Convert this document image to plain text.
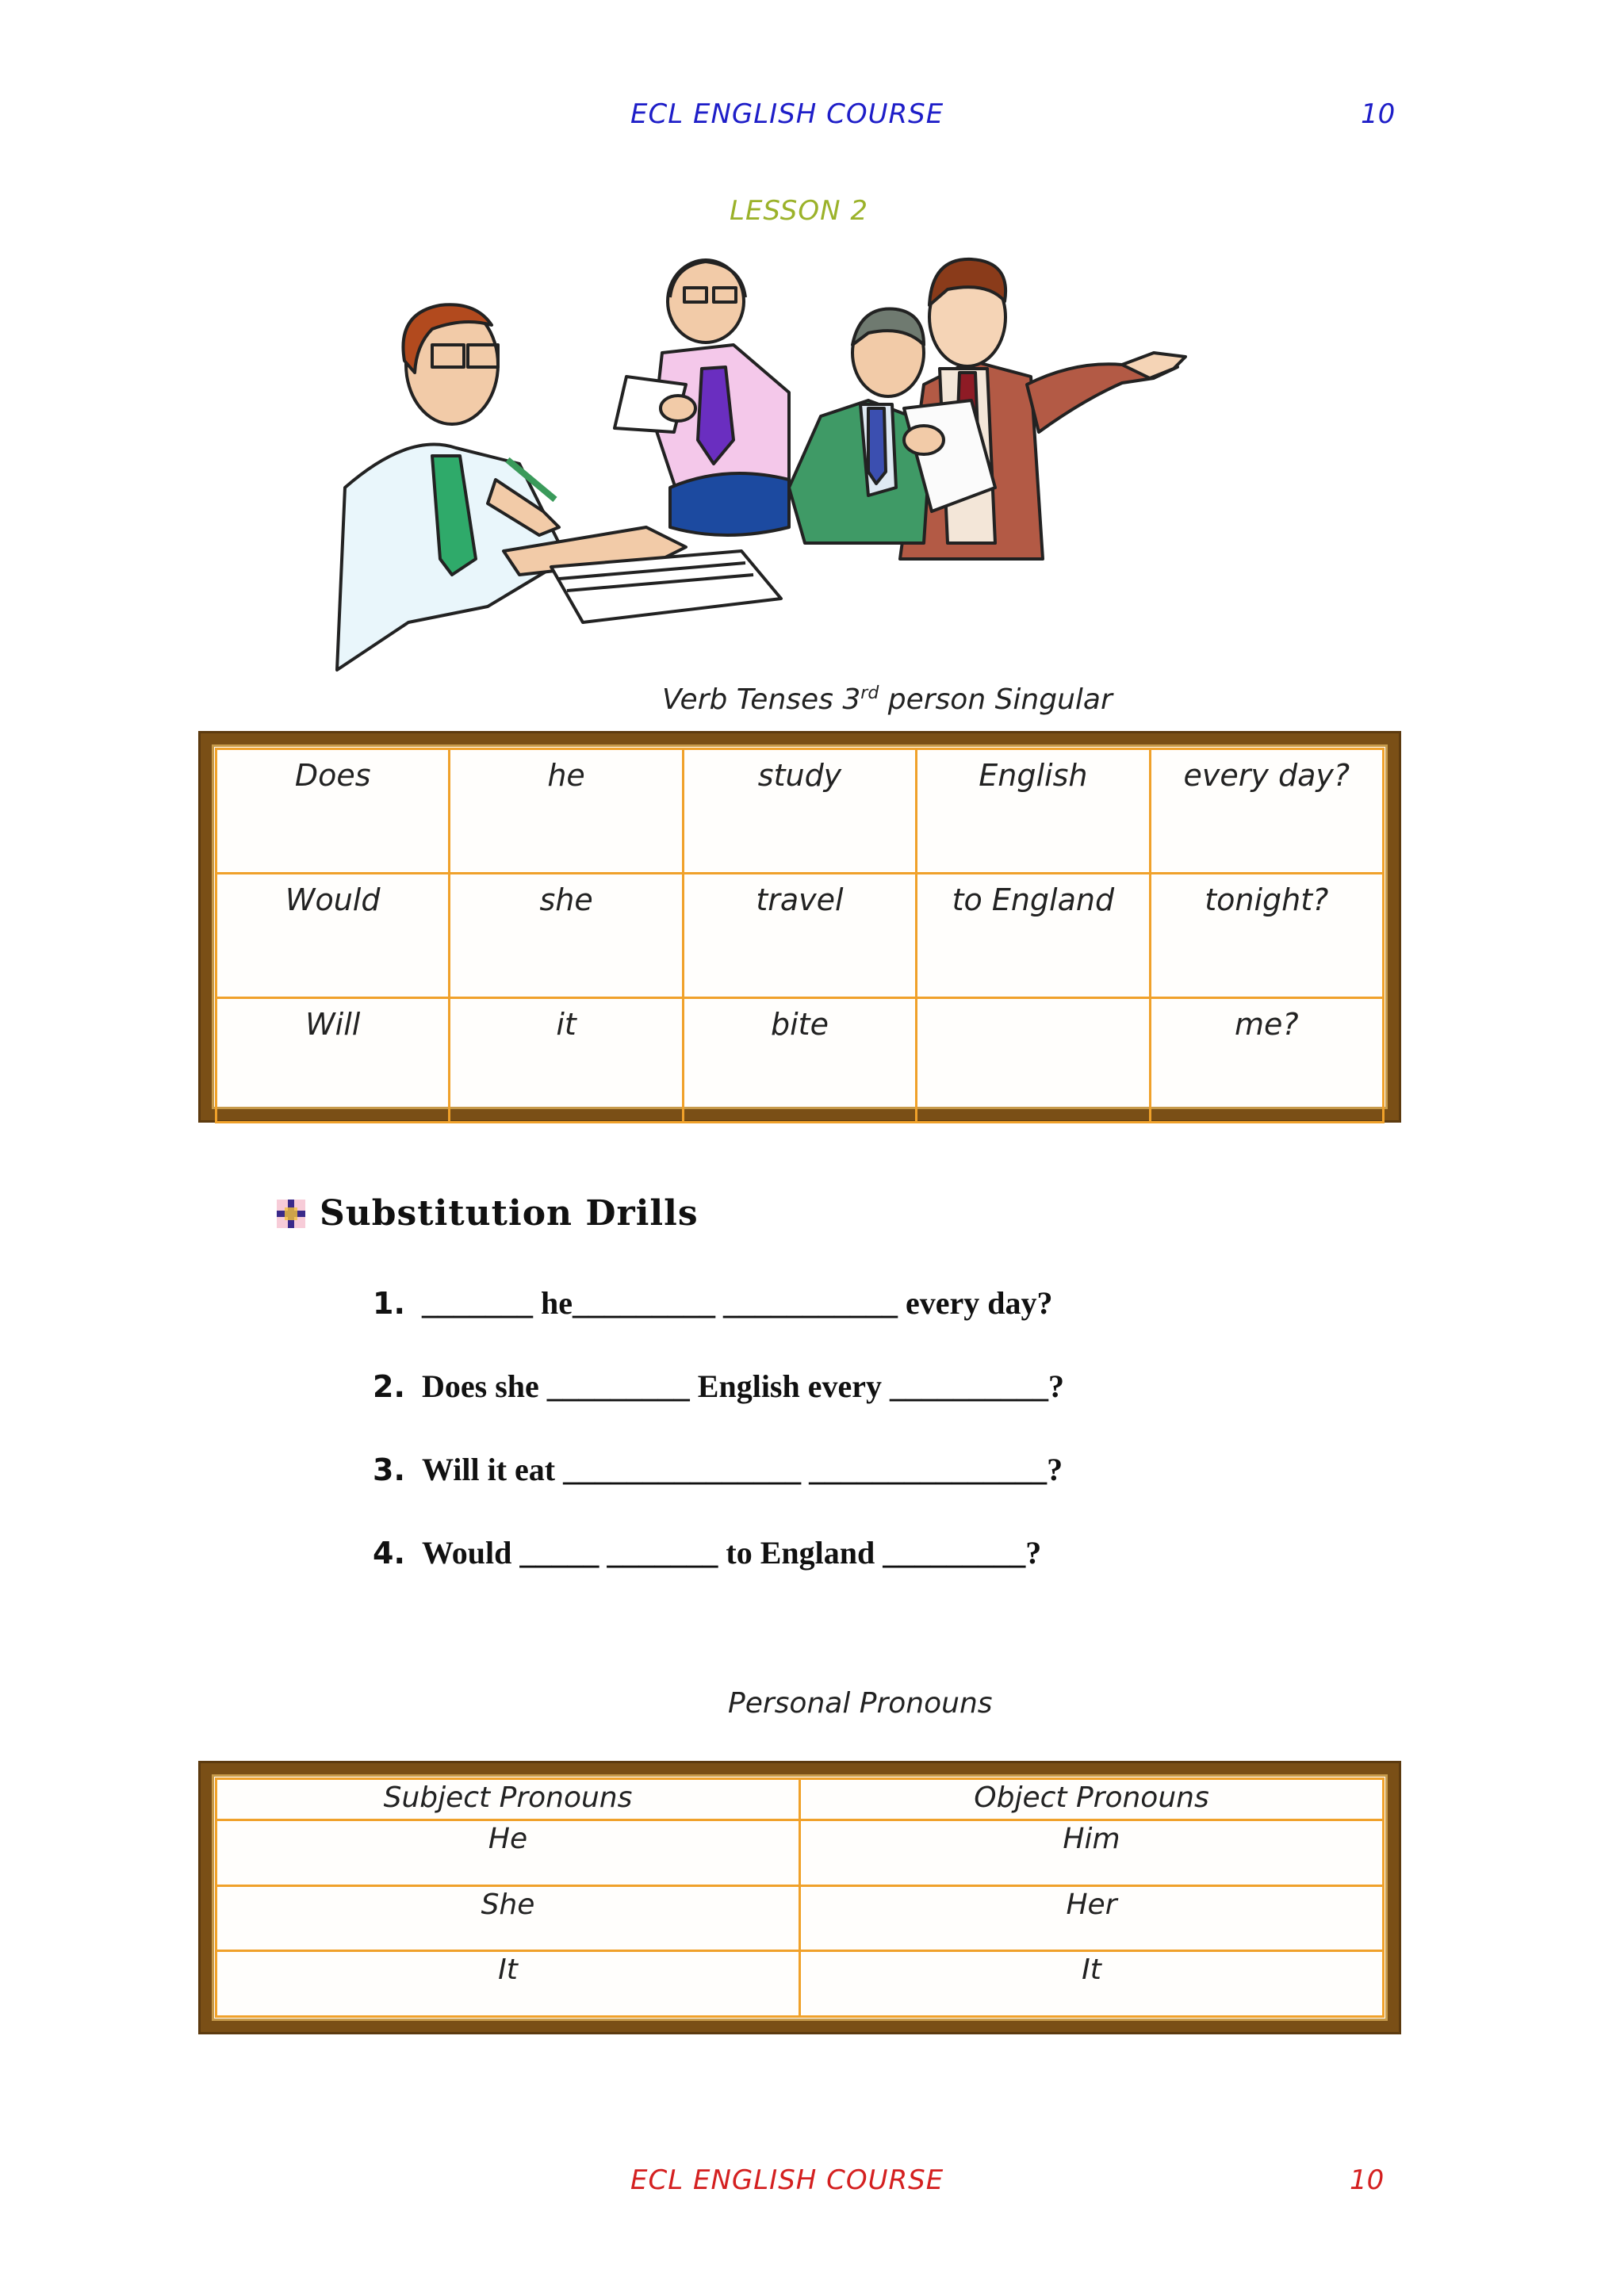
ECL ENGLISH COURSE	10
LESSON 2
Verb Tenses 3rd person Singular
Does	he	study	English	every day?
Would	she	travel	to England	tonight?
Will	it	bite		me?
Substitution Drills
1. _______ he_________ ___________ every day?
2. Does she _________ English every __________?
3. Will it eat _______________ _______________?
4. Would _____ _______ to England _________?
Personal Pronouns
Subject Pronouns	Object Pronouns
He	Him
She	Her
It	It
ECL ENGLISH COURSE	10
